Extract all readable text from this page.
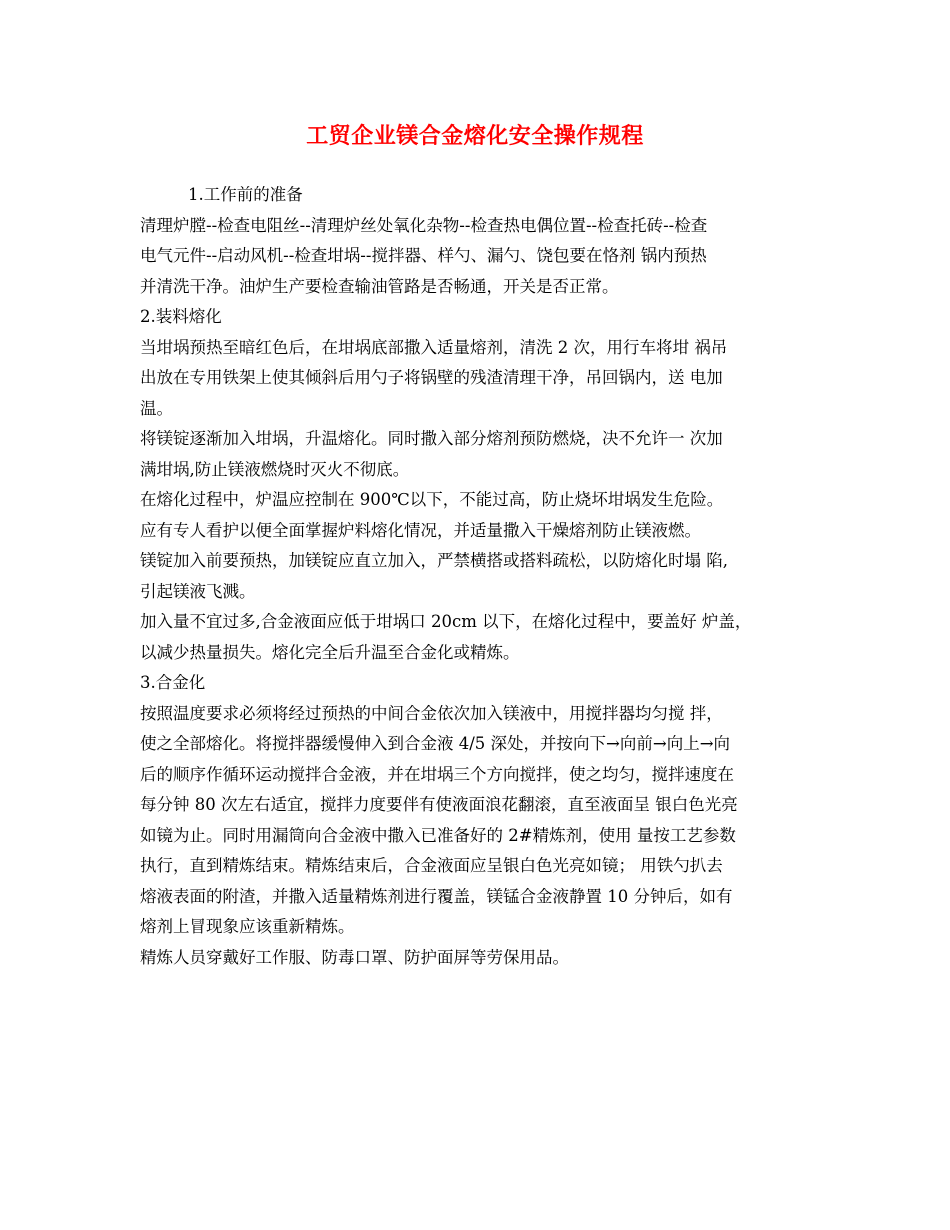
工贸企业镁合金熔化安全操作规程
1.工作前的准备
清理炉膛--检查电阻丝--清理炉丝处氧化杂物--检查热电偶位置--检查托砖--检查
电气元件--启动风机--检查坩埚--搅拌器、样勺、漏勺、饶包要在恪剂 锅内预热
并清洗干净。油炉生产要检查输油管路是否畅通，开关是否正常。
2.装料熔化
当坩埚预热至暗红色后，在坩埚底部撒入适量熔剂，清洗 2 次，用行车将坩 祸吊
出放在专用铁架上使其倾斜后用勺子将锅壁的残渣清理干净，吊回锅内，送 电加
温。
将镁锭逐渐加入坩埚，升温熔化。同时撒入部分熔剂预防燃烧，决不允许一 次加
满坩埚,防止镁液燃烧时灭火不彻底。
在熔化过程中，炉温应控制在 900℃以下，不能过高，防止烧坏坩埚发生危险。
应有专人看护以便全面掌握炉料熔化情况，并适量撒入干燥熔剂防止镁液燃。
镁锭加入前要预热，加镁锭应直立加入，严禁横搭或搭料疏松，以防熔化时塌 陷,
引起镁液飞溅。
加入量不宜过多,合金液面应低于坩埚口 20cm 以下，在熔化过程中，要盖好 炉盖，
以减少热量损失。熔化完全后升温至合金化或精炼。
3.合金化
按照温度要求必须将经过预热的中间合金依次加入镁液中，用搅拌器均匀搅 拌，
使之全部熔化。将搅拌器缓慢伸入到合金液 4/5 深处，并按向下→向前→向上→向
后的顺序作循环运动搅拌合金液，并在坩埚三个方向搅拌，使之均匀，搅拌速度在
每分钟 80 次左右适宜，搅拌力度要伴有使液面浪花翻滚，直至液面呈 银白色光亮
如镜为止。同时用漏筒向合金液中撒入已准备好的 2#精炼剂，使用 量按工艺参数
执行，直到精炼结束。精炼结束后，合金液面应呈银白色光亮如镜； 用铁勺扒去
熔液表面的附渣，并撒入适量精炼剂进行覆盖，镁锰合金液静置 10 分钟后，如有
熔剂上冒现象应该重新精炼。
精炼人员穿戴好工作服、防毒口罩、防护面屏等劳保用品。
